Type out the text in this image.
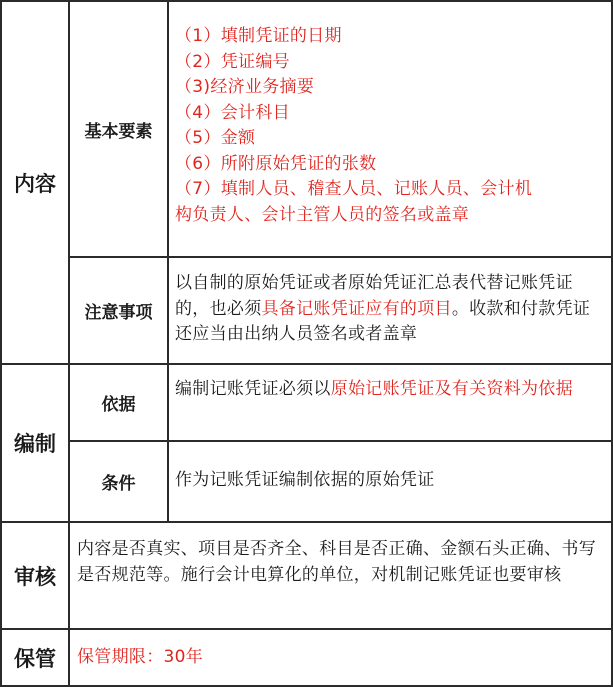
内容
基本要素
（1）填制凭证的日期
（2）凭证编号
（3)经济业务摘要
（4）会计科目
（5）金额
（6）所附原始凭证的张数
（7）填制人员、稽查人员、记账人员、会计机
构负责人、会计主管人员的签名或盖章
注意事项
以自制的原始凭证或者原始凭证汇总表代替记账凭证的，也必须具备记账凭证应有的项目。收款和付款凭证还应当由出纳人员签名或者盖章
编制
依据
编制记账凭证必须以原始记账凭证及有关资料为依据
条件 作为记账凭证编制依据的原始凭证
审核
内容是否真实、项目是否齐全、科目是否正确、金额石头正确、书写是否规范等。施行会计电算化的单位，对机制记账凭证也要审核
保管 保管期限：30年
